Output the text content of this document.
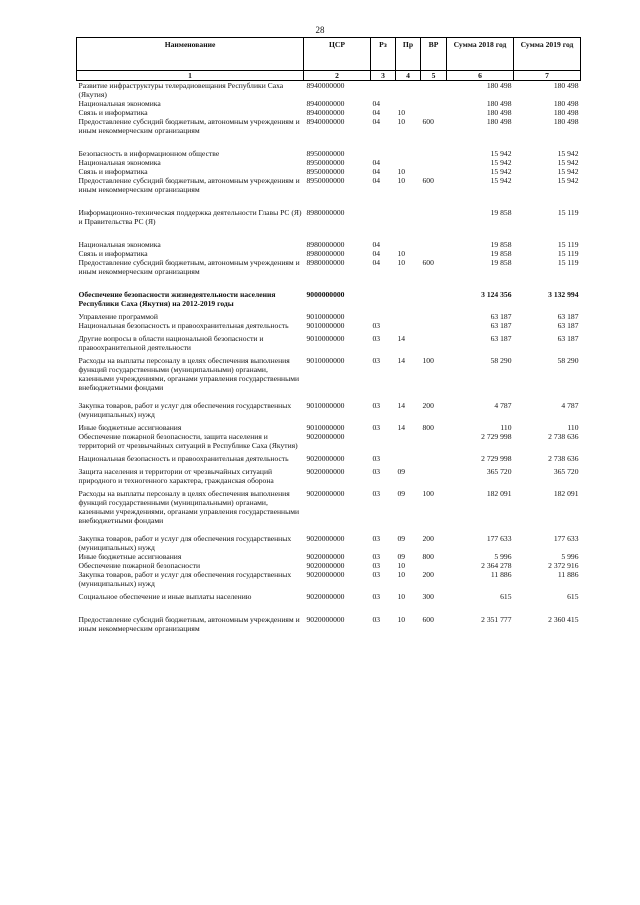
28
Наименование	ЦСР	Рз	Пр	ВР	Сумма 2018 год	Сумма 2019 год
1	2	3	4	5	6	7
Развитие инфраструктуры телерадиовещания Республики Саха (Якутия)	8940000000				180 498	180 498
Национальная экономика	8940000000	04			180 498	180 498
Связь и информатика	8940000000	04	10		180 498	180 498
Предоставление субсидий бюджетным, автономным учреждениям и иным некоммерческим организациям	8940000000	04	10	600	180 498	180 498
Безопасность в информационном обществе	8950000000				15 942	15 942
Национальная экономика	8950000000	04			15 942	15 942
Связь и информатика	8950000000	04	10		15 942	15 942
Предоставление субсидий бюджетным, автономным учреждениям и иным некоммерческим организациям	8950000000	04	10	600	15 942	15 942
Информационно-техническая поддержка деятельности Главы РС (Я) и Правительства РС (Я)	8980000000				19 858	15 119
Национальная экономика	8980000000	04			19 858	15 119
Связь и информатика	8980000000	04	10		19 858	15 119
Предоставление субсидий бюджетным, автономным учреждениям и иным некоммерческим организациям	8980000000	04	10	600	19 858	15 119
Обеспечение безопасности жизнедеятельности населения Республики Саха (Якутия) на 2012-2019 годы	9000000000				3 124 356	3 132 994
Управление программой	9010000000				63 187	63 187
Национальная безопасность и правоохранительная деятельность	9010000000	03			63 187	63 187
Другие вопросы в области национальной безопасности и правоохранительной деятельности	9010000000	03	14		63 187	63 187
Расходы на выплаты персоналу в целях обеспечения выполнения функций государственными (муниципальными) органами, казенными учреждениями, органами управления государственными внебюджетными фондами	9010000000	03	14	100	58 290	58 290
Закупка товаров, работ и услуг для обеспечения государственных (муниципальных) нужд	9010000000	03	14	200	4 787	4 787
Иные бюджетные ассигнования	9010000000	03	14	800	110	110
Обеспечение пожарной безопасности, защита населения и территорий от чрезвычайных ситуаций в Республике Саха (Якутия)	9020000000				2 729 998	2 738 636
Национальная безопасность и правоохранительная деятельность	9020000000	03			2 729 998	2 738 636
Защита населения и территории от чрезвычайных ситуаций природного и техногенного характера, гражданская оборона	9020000000	03	09		365 720	365 720
Расходы на выплаты персоналу в целях обеспечения выполнения функций государственными (муниципальными) органами, казенными учреждениями, органами управления государственными внебюджетными фондами	9020000000	03	09	100	182 091	182 091
Закупка товаров, работ и услуг для обеспечения государственных (муниципальных) нужд	9020000000	03	09	200	177 633	177 633
Иные бюджетные ассигнования	9020000000	03	09	800	5 996	5 996
Обеспечение пожарной безопасности	9020000000	03	10		2 364 278	2 372 916
Закупка товаров, работ и услуг для обеспечения государственных (муниципальных) нужд	9020000000	03	10	200	11 886	11 886
Социальное обеспечение и иные выплаты населению	9020000000	03	10	300	615	615
Предоставление субсидий бюджетным, автономным учреждениям и иным некоммерческим организациям	9020000000	03	10	600	2 351 777	2 360 415
